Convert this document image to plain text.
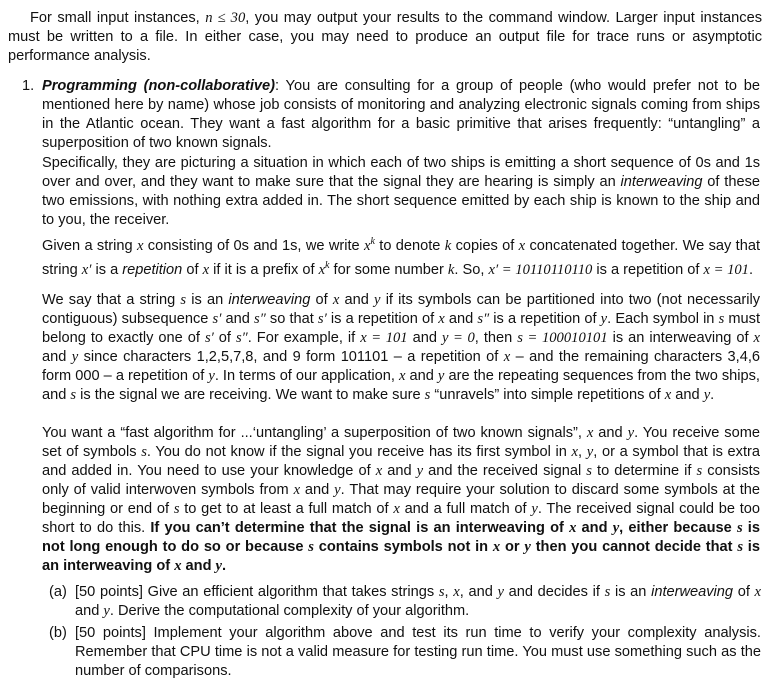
For small input instances, n ≤ 30, you may output your results to the command window. Larger input instances must be written to a file. In either case, you may need to produce an output file for trace runs or asymptotic performance analysis.

1. Programming (non-collaborative): You are consulting for a group of people (who would prefer not to be mentioned here by name) whose job consists of monitoring and analyzing electronic signals coming from ships in the Atlantic ocean. They want a fast algorithm for a basic primitive that arises frequently: “untangling” a superposition of two known signals.

Specifically, they are picturing a situation in which each of two ships is emitting a short sequence of 0s and 1s over and over, and they want to make sure that the signal they are hearing is simply an interweaving of these two emissions, with nothing extra added in. The short sequence emitted by each ship is known to the ship and to you, the receiver.

Given a string x consisting of 0s and 1s, we write $x^k$ to denote k copies of x concatenated together. We say that string x′ is a repetition of x if it is a prefix of $x^k$ for some number k. So, x′ = 10110110110 is a repetition of x = 101.

We say that a string s is an interweaving of x and y if its symbols can be partitioned into two (not necessarily contiguous) subsequence s′ and s″ so that s′ is a repetition of x and s″ is a repetition of y. Each symbol in s must belong to exactly one of s′ of s″. For example, if x = 101 and y = 0, then s = 100010101 is an interweaving of x and y since characters 1,2,5,7,8, and 9 form 101101 – a repetition of x – and the remaining characters 3,4,6 form 000 – a repetition of y. In terms of our application, x and y are the repeating sequences from the two ships, and s is the signal we are receiving. We want to make sure s “unravels” into simple repetitions of x and y.

You want a “fast algorithm for ...‘untangling’ a superposition of two known signals”, x and y. You receive some set of symbols s. You do not know if the signal you receive has its first symbol in x, y, or a symbol that is extra and added in. You need to use your knowledge of x and y and the received signal s to determine if s consists only of valid interwoven symbols from x and y. That may require your solution to discard some symbols at the beginning or end of s to get to at least a full match of x and a full match of y. The received signal could be too short to do this. If you can’t determine that the signal is an interweaving of x and y, either because s is not long enough to do so or because s contains symbols not in x or y then you cannot decide that s is an interweaving of x and y.

(a) [50 points] Give an efficient algorithm that takes strings s, x, and y and decides if s is an interweaving of x and y. Derive the computational complexity of your algorithm.

(b) [50 points] Implement your algorithm above and test its run time to verify your complexity analysis. Remember that CPU time is not a valid measure for testing run time. You must use something such as the number of comparisons.
